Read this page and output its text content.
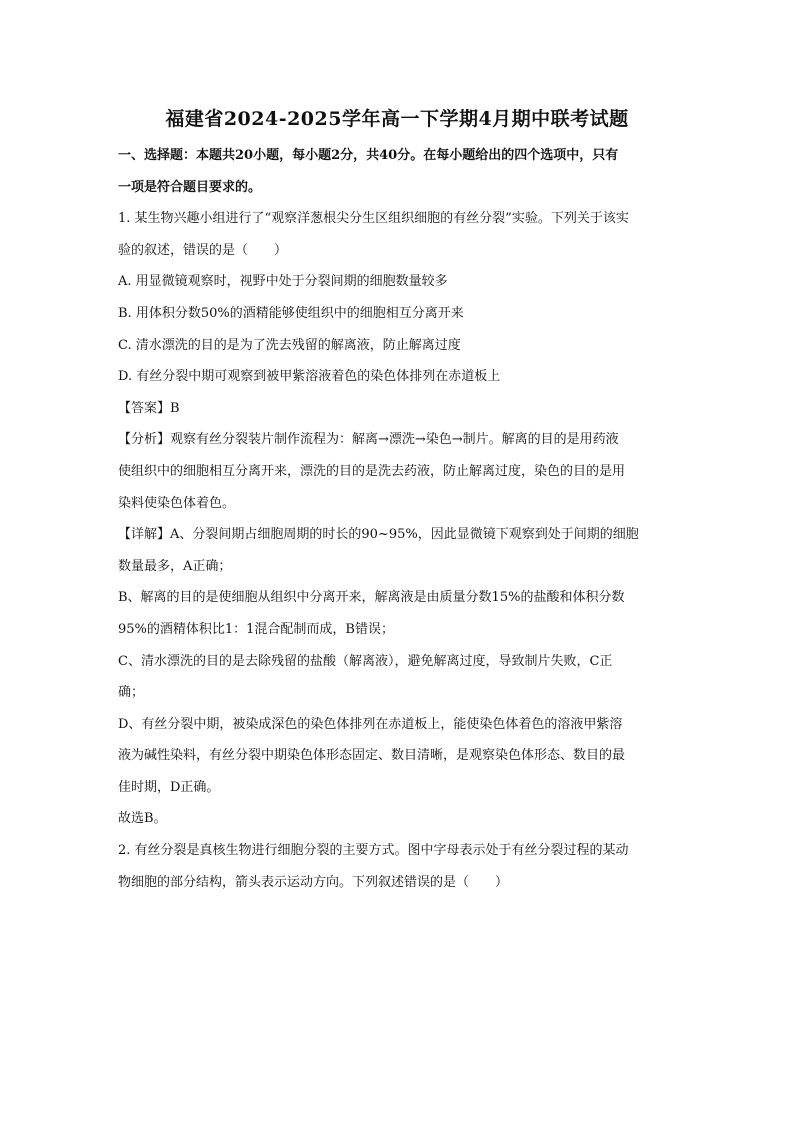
福建省2024-2025学年高一下学期4月期中联考试题
一、选择题：本题共20小题，每小题2分，共40分。在每小题给出的四个选项中，只有
一项是符合题目要求的。
1. 某生物兴趣小组进行了“观察洋葱根尖分生区组织细胞的有丝分裂”实验。下列关于该实
验的叙述，错误的是（　　）
A. 用显微镜观察时，视野中处于分裂间期的细胞数量较多
B. 用体积分数50%的酒精能够使组织中的细胞相互分离开来
C. 清水漂洗的目的是为了洗去残留的解离液，防止解离过度
D. 有丝分裂中期可观察到被甲紫溶液着色的染色体排列在赤道板上
【答案】B
【分析】观察有丝分裂装片制作流程为：解离→漂洗→染色→制片。解离的目的是用药液
使组织中的细胞相互分离开来，漂洗的目的是洗去药液，防止解离过度，染色的目的是用
染料使染色体着色。
【详解】A、分裂间期占细胞周期的时长的90~95%，因此显微镜下观察到处于间期的细胞
数量最多，A正确；
B、解离的目的是使细胞从组织中分离开来，解离液是由质量分数15%的盐酸和体积分数
95%的酒精体积比1：1混合配制而成，B错误；
C、清水漂洗的目的是去除残留的盐酸（解离液），避免解离过度，导致制片失败，C正
确；
D、有丝分裂中期，被染成深色的染色体排列在赤道板上，能使染色体着色的溶液甲紫溶
液为碱性染料，有丝分裂中期染色体形态固定、数目清晰，是观察染色体形态、数目的最
佳时期，D正确。
故选B。
2. 有丝分裂是真核生物进行细胞分裂的主要方式。图中字母表示处于有丝分裂过程的某动
物细胞的部分结构，箭头表示运动方向。下列叙述错误的是（　　）
